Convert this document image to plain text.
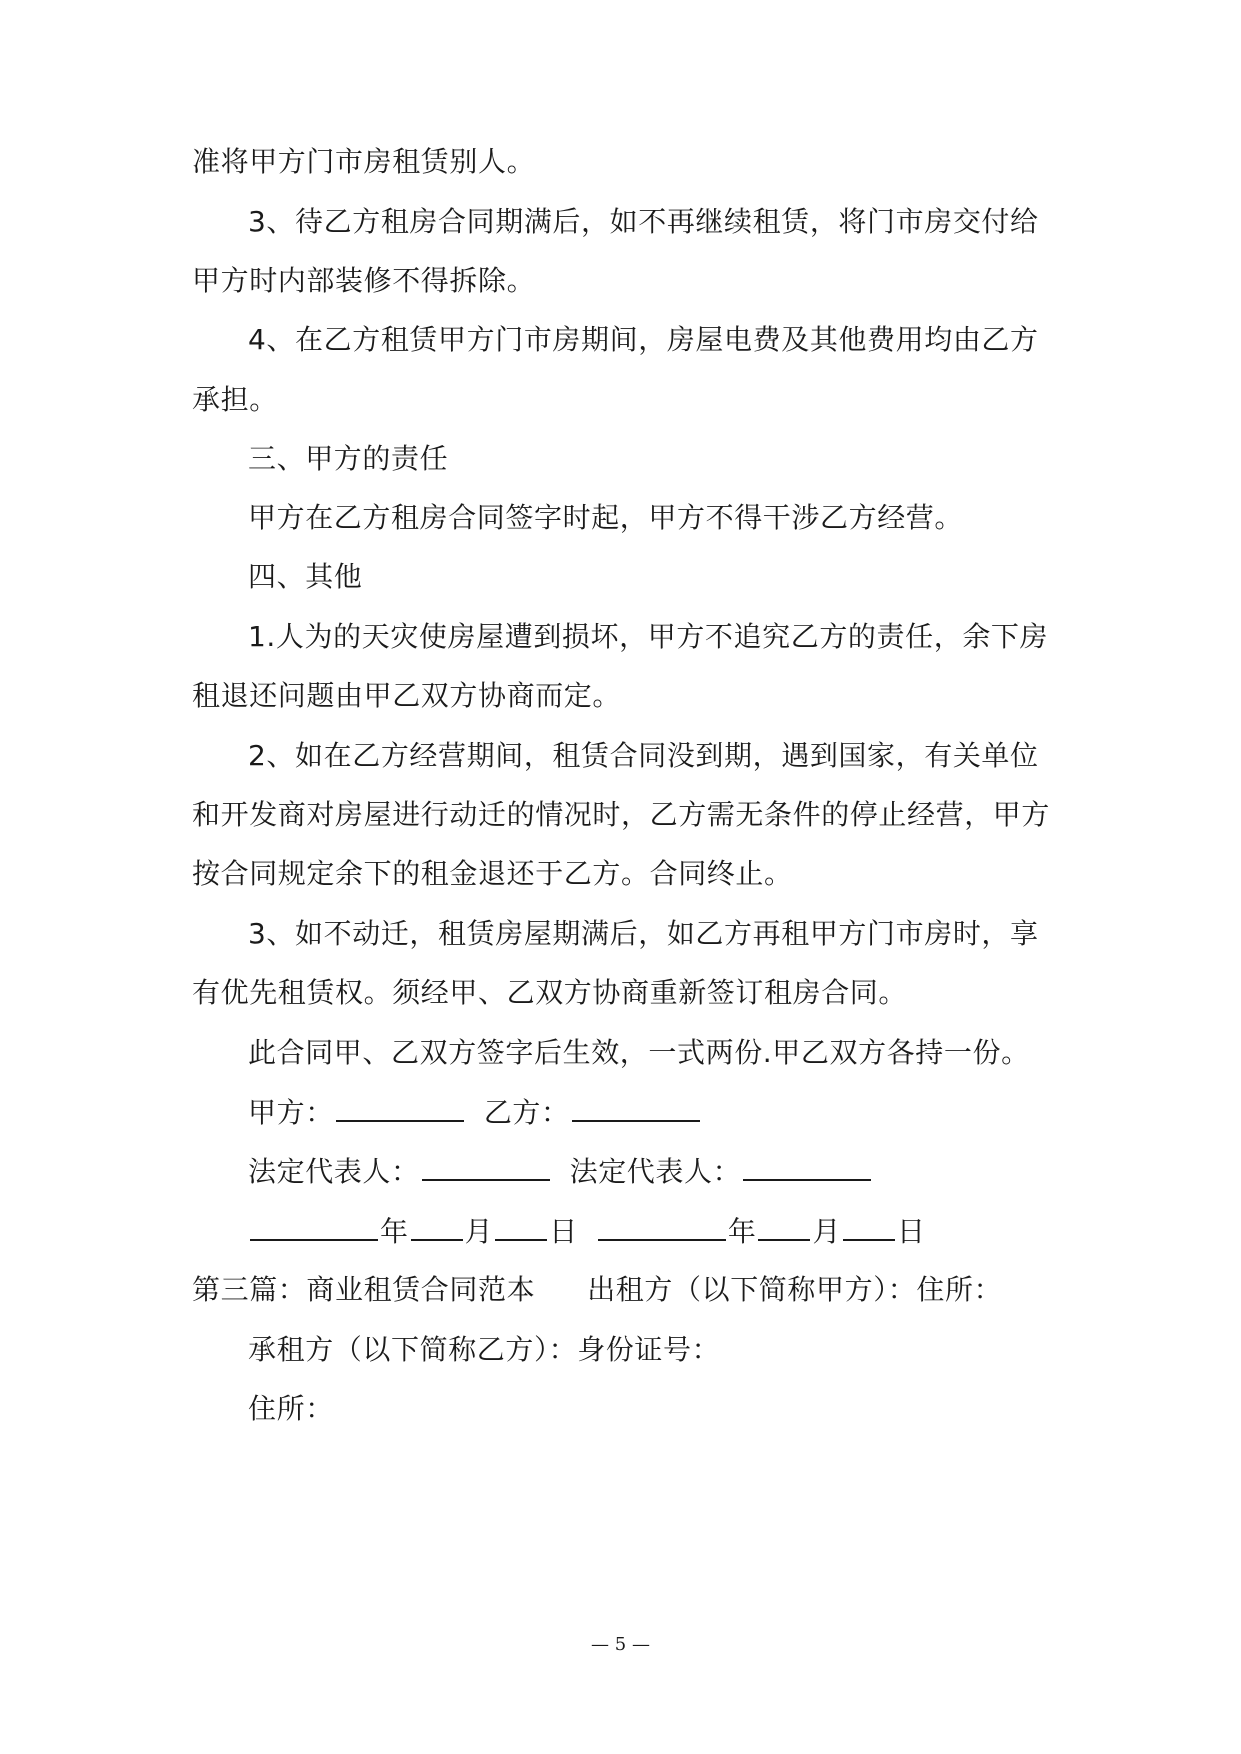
准将甲方门市房租赁别人。
3、待乙方租房合同期满后，如不再继续租赁，将门市房交付给
甲方时内部装修不得拆除。
4、在乙方租赁甲方门市房期间，房屋电费及其他费用均由乙方
承担。
三、甲方的责任
甲方在乙方租房合同签字时起，甲方不得干涉乙方经营。
四、其他
1.人为的天灾使房屋遭到损坏，甲方不追究乙方的责任，余下房
租退还问题由甲乙双方协商而定。
2、如在乙方经营期间，租赁合同没到期，遇到国家，有关单位
和开发商对房屋进行动迁的情况时，乙方需无条件的停止经营，甲方
按合同规定余下的租金退还于乙方。合同终止。
3、如不动迁，租赁房屋期满后，如乙方再租甲方门市房时，享
有优先租赁权。须经甲、乙双方协商重新签订租房合同。
此合同甲、乙双方签字后生效，一式两份.甲乙双方各持一份。
甲方：	乙方：
法定代表人：	法定代表人：
年 月 日	年 月 日
第三篇：商业租赁合同范本 出租方（以下简称甲方）：住所：
承租方（以下简称乙方）：身份证号：
住所：
— 5 —
